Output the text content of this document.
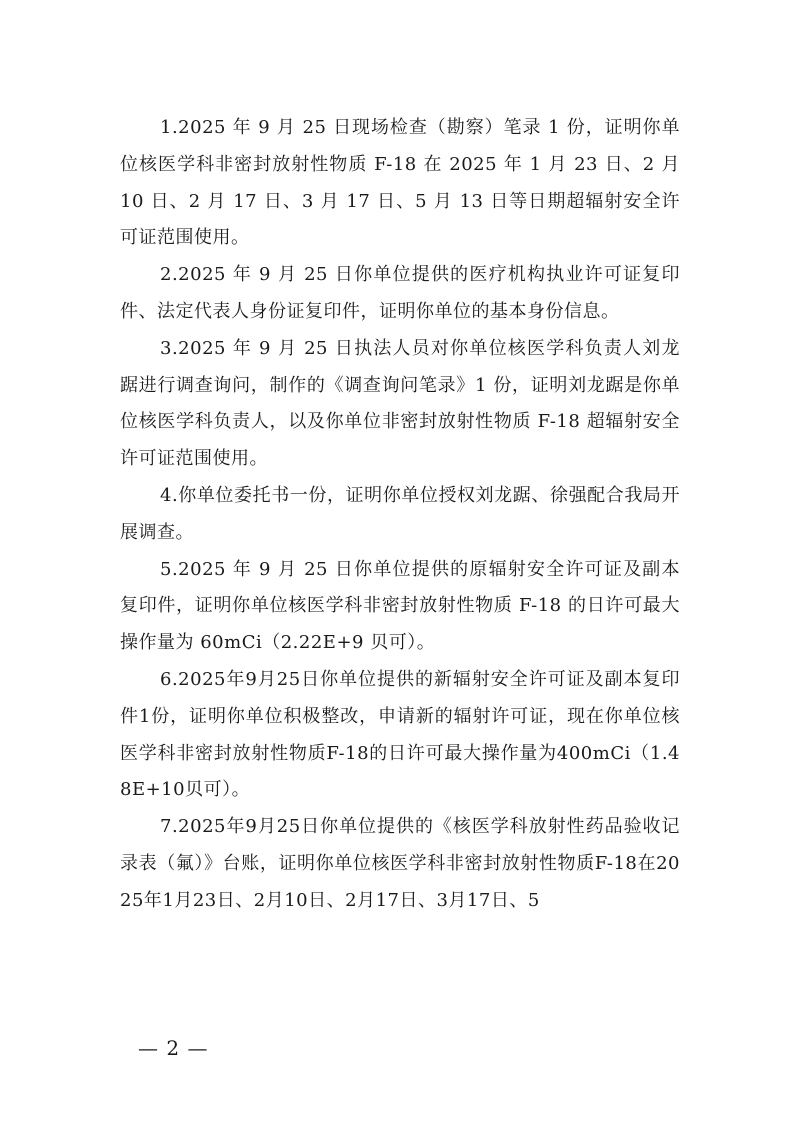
1.2025 年 9 月 25 日现场检查（勘察）笔录 1 份，证明你单位核医学科非密封放射性物质 F-18 在 2025 年 1 月 23 日、2 月 10 日、2 月 17 日、3 月 17 日、5 月 13 日等日期超辐射安全许可证范围使用。

2.2025 年 9 月 25 日你单位提供的医疗机构执业许可证复印件、法定代表人身份证复印件，证明你单位的基本身份信息。

3.2025 年 9 月 25 日执法人员对你单位核医学科负责人刘龙踞进行调查询问，制作的《调查询问笔录》1 份，证明刘龙踞是你单位核医学科负责人，以及你单位非密封放射性物质 F-18 超辐射安全许可证范围使用。

4.你单位委托书一份，证明你单位授权刘龙踞、徐强配合我局开展调查。

5.2025 年 9 月 25 日你单位提供的原辐射安全许可证及副本复印件，证明你单位核医学科非密封放射性物质 F-18 的日许可最大操作量为 60mCi（2.22E+9 贝可）。

6.2025年9月25日你单位提供的新辐射安全许可证及副本复印件1份，证明你单位积极整改，申请新的辐射许可证，现在你单位核医学科非密封放射性物质F-18的日许可最大操作量为400mCi（1.48E+10贝可）。

7.2025年9月25日你单位提供的《核医学科放射性药品验收记录表（氟）》台账，证明你单位核医学科非密封放射性物质F-18在2025年1月23日、2月10日、2月17日、3月17日、5

— 2 —
